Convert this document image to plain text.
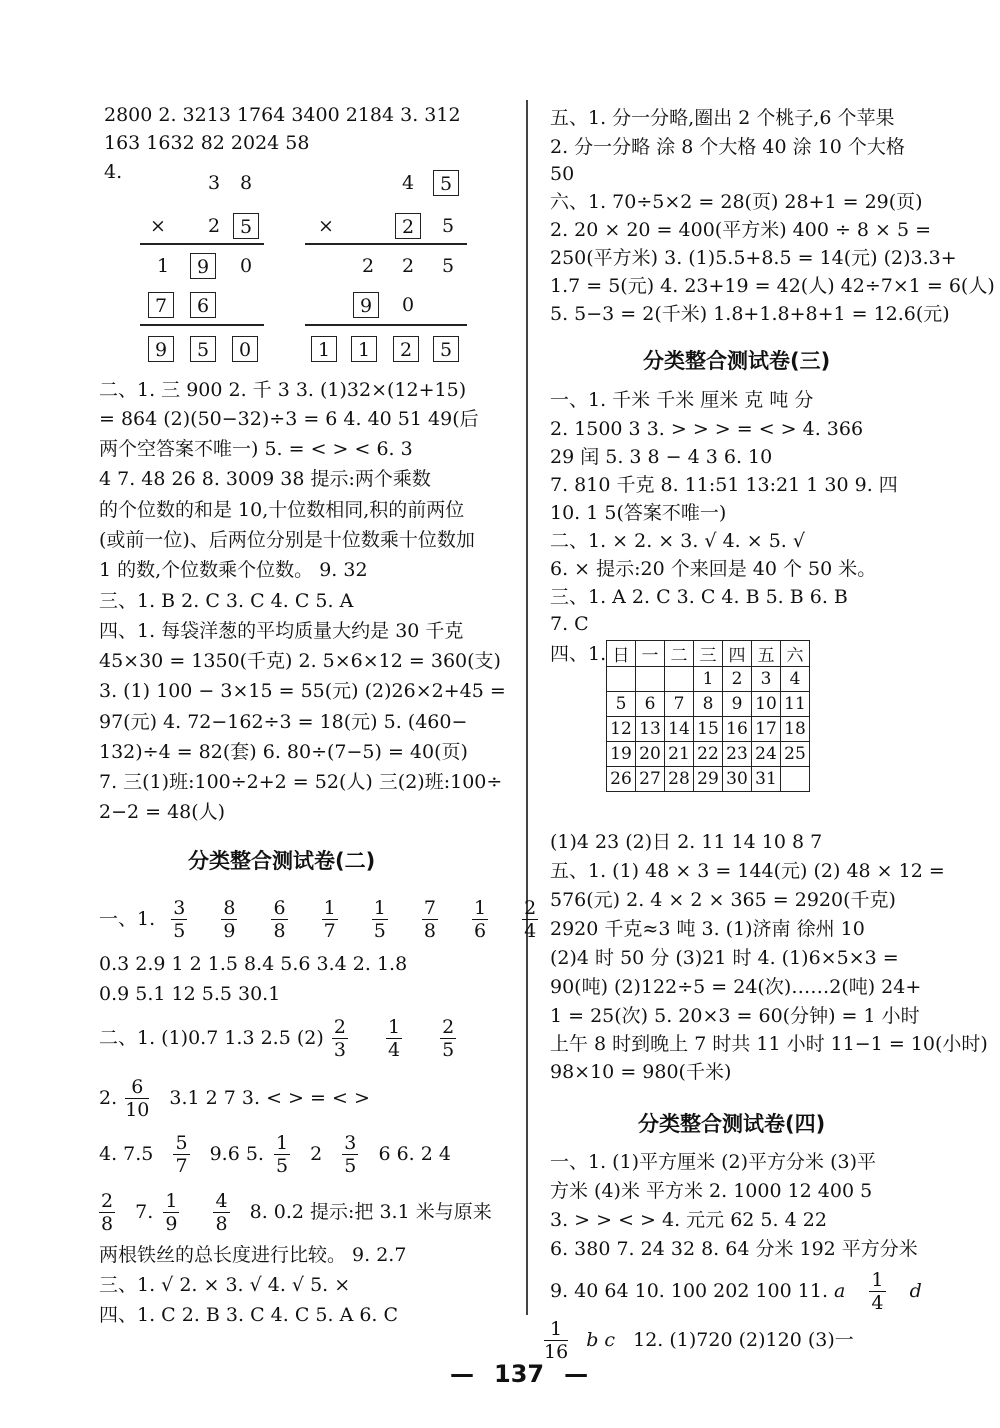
2800 2. 3213 1764 3400 2184 3. 312
163 1632 82 2024 58
4.	3	8
×	2	5
1	9	0
7	6
9	5	0
4	5
×	2	5
2	2	5
9	0
1	1	2	5
二、1. 三 900 2. 千 3 3. (1)32×(12+15)
= 864 (2)(50−32)÷3 = 6 4. 40 51 49(后
两个空答案不唯一) 5. = < > < 6. 3
4 7. 48 26 8. 3009 38 提示:两个乘数
的个位数的和是 10,十位数相同,积的前两位
(或前一位)、后两位分别是十位数乘十位数加
1 的数,个位数乘个位数。 9. 32
三、1. B 2. C 3. C 4. C 5. A
四、1. 每袋洋葱的平均质量大约是 30 千克
45×30 = 1350(千克) 2. 5×6×12 = 360(支)
3. (1) 100 − 3×15 = 55(元) (2)26×2+45 =
97(元) 4. 72−162÷3 = 18(元) 5. (460−
132)÷4 = 82(套) 6. 80÷(7−5) = 40(页)
7. 三(1)班:100÷2+2 = 52(人) 三(2)班:100÷
2−2 = 48(人)
分类整合测试卷(二)
一、1. $\frac{3}{5}$
$\frac{8}{9}$
$\frac{6}{8}$
$\frac{1}{7}$
$\frac{1}{5}$
$\frac{7}{8}$
$\frac{1}{6}$
$\frac{2}{4}$
0.3 2.9 1 2 1.5 8.4 5.6 3.4 2. 1.8
0.9 5.1 12 5.5 30.1
二、1. (1)0.7 1.3 2.5 $(2) \frac{2}{3}$
$\frac{1}{4}$
$\frac{2}{5}$
2. $\frac{6}{10} 3.1$ 2 7 3. < > = < >
4. $7.5 \frac{5}{7} 9.6$ 5. $\frac{1}{5} 2 \frac{3}{5} 6$ 6. 2 4
$\frac{2}{8} 7$. $\frac{1}{9}$
$\frac{4}{8} 8$. 0.2 提示:把 3.1 米与原来
两根铁丝的总长度进行比较。 9. 2.7
三、1. √ 2. × 3. √ 4. √ 5. ×
四、1. C 2. B 3. C 4. C 5. A 6. C
五、1. 分一分略,圈出 2 个桃子,6 个苹果
2. 分一分略 涂 8 个大格 40 涂 10 个大格
50
六、1. 70÷5×2 = 28(页) 28+1 = 29(页)
2. 20 × 20 = 400(平方米) 400 ÷ 8 × 5 =
250(平方米) 3. (1)5.5+8.5 = 14(元) (2)3.3+
1.7 = 5(元) 4. 23+19 = 42(人) 42÷7×1 = 6(人)
5. 5−3 = 2(千米) 1.8+1.8+8+1 = 12.6(元)
分类整合测试卷(三)
一、1. 千米 千米 厘米 克 吨 分
2. 1500 3 3. > > > = < > 4. 366
29 闰 5. 3 8 − 4 3 6. 10
7. 810 千克 8. 11:51 13:21 1 30 9. 四
10. 1 5(答案不唯一)
二、1. × 2. × 3. √ 4. × 5. √
6. × 提示:20 个来回是 40 个 50 米。
三、1. A 2. C 3. C 4. B 5. B 6. B
7. C
四、1. 日	一	二	三	四	五	六
			1	2	3	4
5	6	7	8	9	10	11
12	13	14	15	16	17	18
19	20	21	22	23	24	25
26	27	28	29	30	31	
(1)4 23 (2)日 2. 11 14 10 8 7
五、1. (1) 48 × 3 = 144(元) (2) 48 × 12 =
576(元) 2. 4 × 2 × 365 = 2920(千克)
2920 千克≈3 吨 3. (1)济南 徐州 10
(2)4 时 50 分 (3)21 时 4. (1)6×5×3 =
90(吨) (2)122÷5 = 24(次)……2(吨) 24+
1 = 25(次) 5. 20×3 = 60(分钟) = 1 小时
上午 8 时到晚上 7 时共 11 小时 11−1 = 10(小时)
98×10 = 980(千米)
分类整合测试卷(四)
一、1. (1)平方厘米 (2)平方分米 (3)平
方米 (4)米 平方米 2. 1000 12 400 5
3. > > < > 4. 元元 62 5. 4 22
6. 380 7. 24 32 8. 64 分米 192 平方分米
9. 40 64 10. 100 202 100 11. a $\frac{1}{4}$ d
$\frac{1}{16}$ b c 12. (1)720 (2)120 (3)一
— 137 —
